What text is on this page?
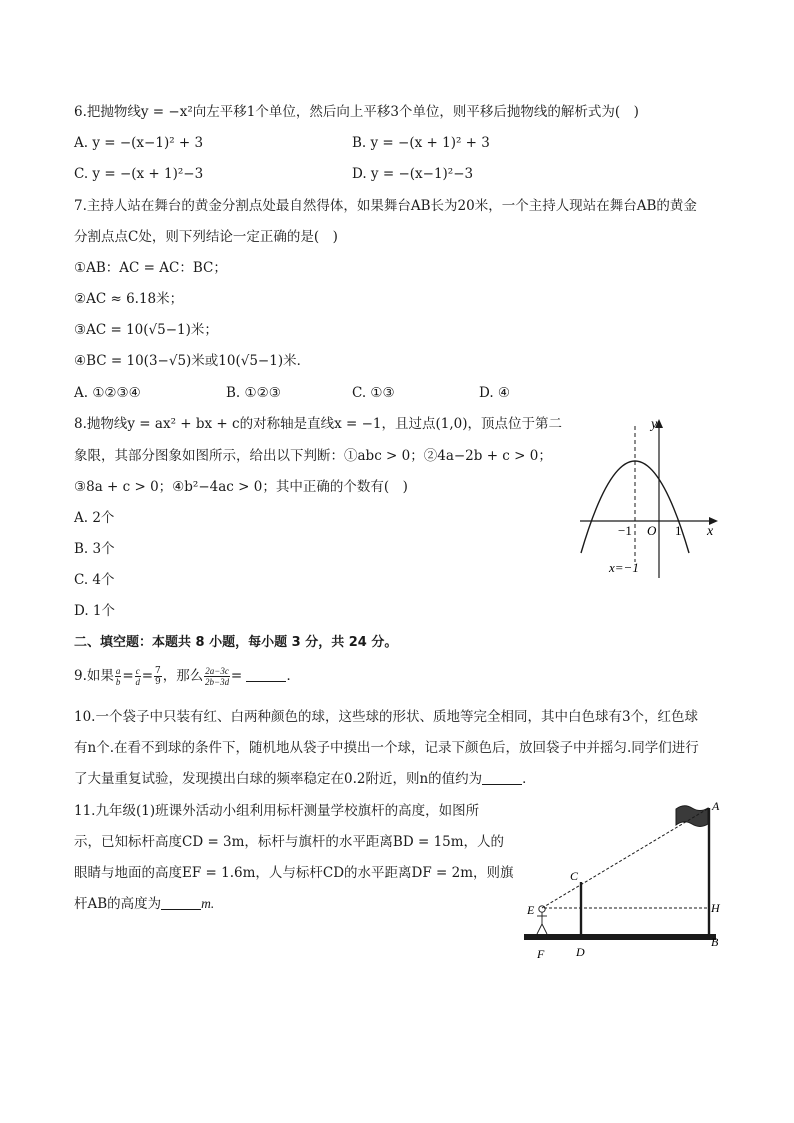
6.把抛物线y = −x²向左平移1个单位，然后向上平移3个单位，则平移后抛物线的解析式为(　)
A. y = −(x−1)² + 3	B. y = −(x + 1)² + 3
C. y = −(x + 1)²−3	D. y = −(x−1)²−3
7.主持人站在舞台的黄金分割点处最自然得体，如果舞台AB长为20米，一个主持人现站在舞台AB的黄金
分割点点C处，则下列结论一定正确的是(　)
①AB：AC = AC：BC；
②AC ≈ 6.18米；
③AC = 10(√5−1)米；
④BC = 10(3−√5)米或10(√5−1)米．
A. ①②③④	B. ①②③	C. ①③	D. ④
8.抛物线y = ax² + bx + c的对称轴是直线x = −1，且过点(1,0)，顶点位于第二
象限，其部分图象如图所示，给出以下判断：①abc > 0；②4a−2b + c > 0；
③8a + c > 0；④b²−4ac > 0；其中正确的个数有(　)
A. 2个
B. 3个
C. 4个
D. 1个
y
x
−1 O 1
x=−1
二、填空题：本题共 8 小题，每小题 3 分，共 24 分。
9.如果 $\frac{a}{b} = \frac{c}{d} = \frac{7}{9}$ ，那么 $\frac{2a-3c}{2b-3d}$ =	．
10.一个袋子中只装有红、白两种颜色的球，这些球的形状、质地等完全相同，其中白色球有3个，红色球
有n个.在看不到球的条件下，随机地从袋子中摸出一个球，记录下颜色后，放回袋子中并摇匀.同学们进行
了大量重复试验，发现摸出白球的频率稳定在0.2附近，则n的值约为	．
11.九年级(1)班课外活动小组利用标杆测量学校旗杆的高度，如图所
示，已知标杆高度CD = 3m，标杆与旗杆的水平距离BD = 15m，人的
眼睛与地面的高度EF = 1.6m，人与标杆CD的水平距离DF = 2m，则旗
杆AB的高度为	m.
A
H
B
C
D
E
F
